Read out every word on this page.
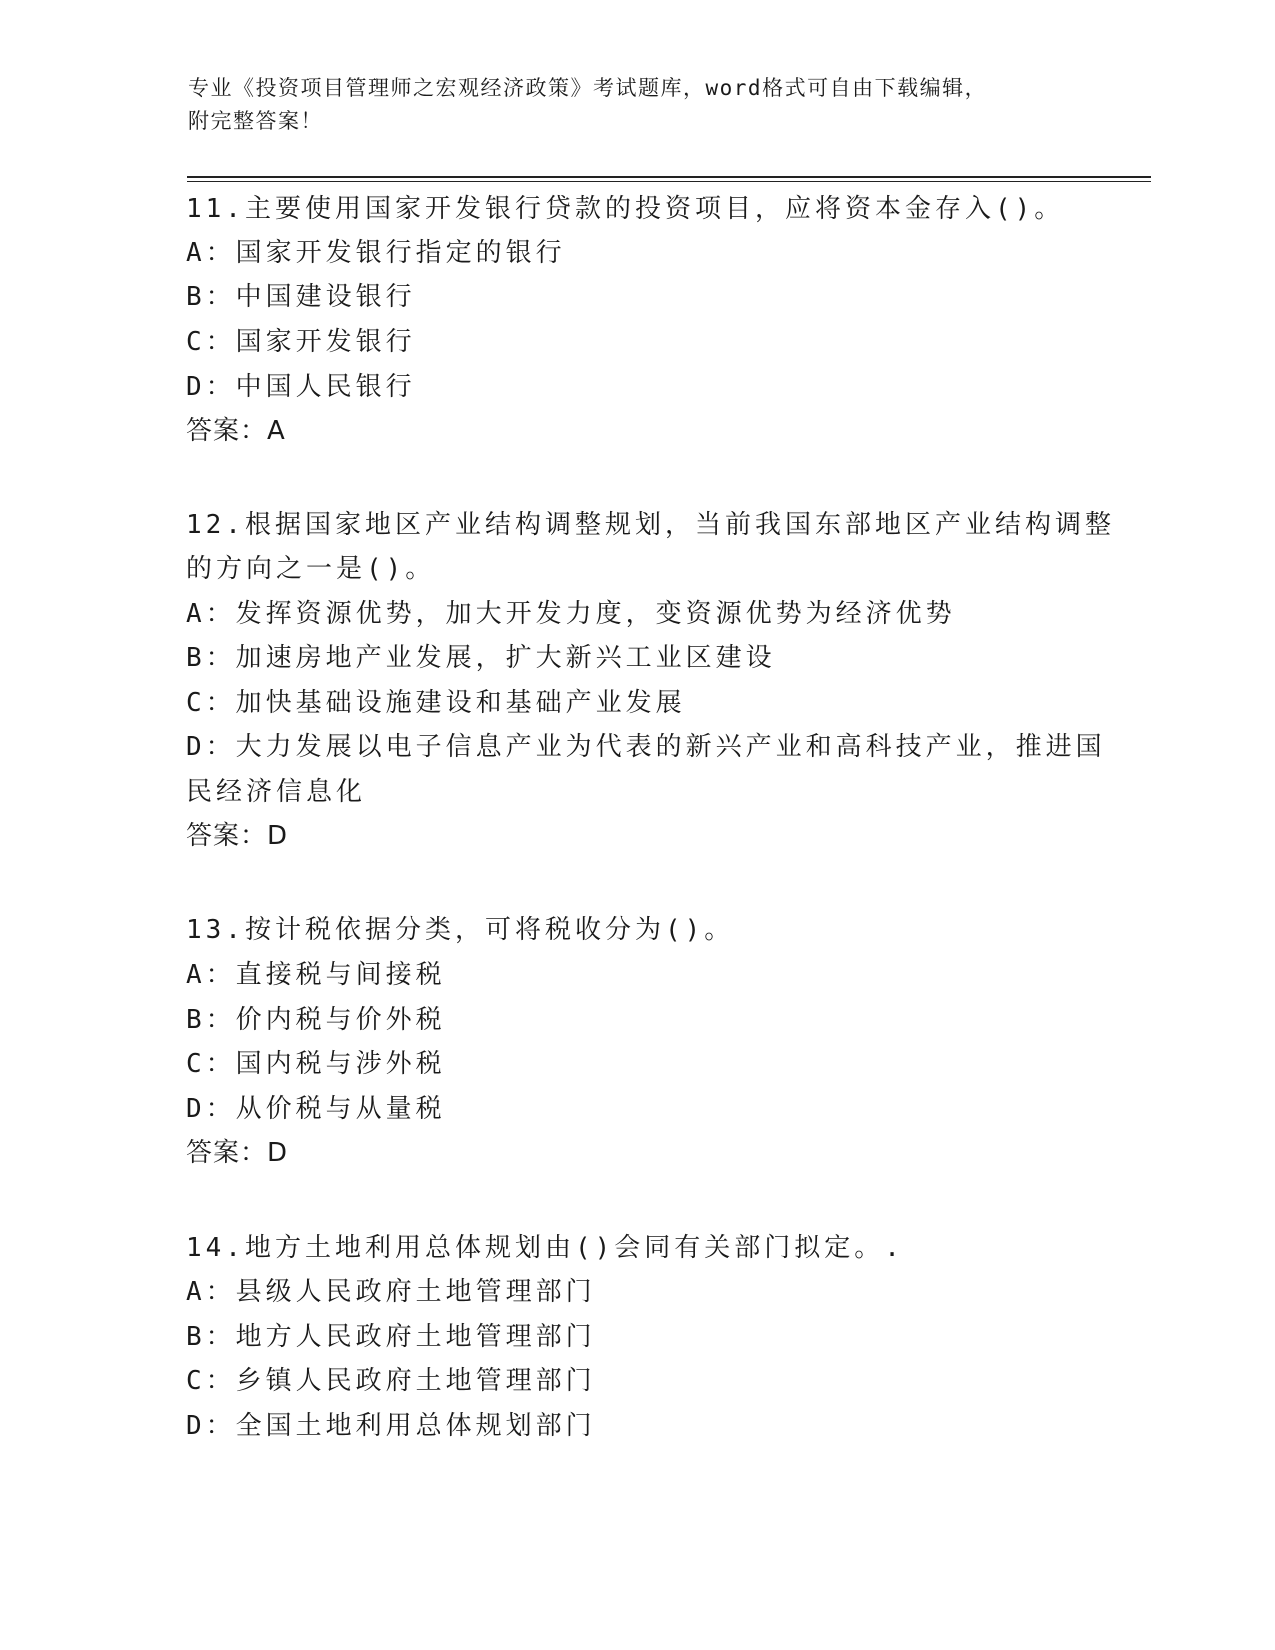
专业《投资项目管理师之宏观经济政策》考试题库，word格式可自由下载编辑，
附完整答案！
11.主要使用国家开发银行贷款的投资项目，应将资本金存入()。
A：国家开发银行指定的银行
B：中国建设银行
C：国家开发银行
D：中国人民银行
答案：A
12.根据国家地区产业结构调整规划，当前我国东部地区产业结构调整
的方向之一是()。
A：发挥资源优势，加大开发力度，变资源优势为经济优势
B：加速房地产业发展，扩大新兴工业区建设
C：加快基础设施建设和基础产业发展
D：大力发展以电子信息产业为代表的新兴产业和高科技产业，推进国
民经济信息化
答案：D
13.按计税依据分类，可将税收分为()。
A：直接税与间接税
B：价内税与价外税
C：国内税与涉外税
D：从价税与从量税
答案：D
14.地方土地利用总体规划由()会同有关部门拟定。.
A：县级人民政府土地管理部门
B：地方人民政府土地管理部门
C：乡镇人民政府土地管理部门
D：全国土地利用总体规划部门
